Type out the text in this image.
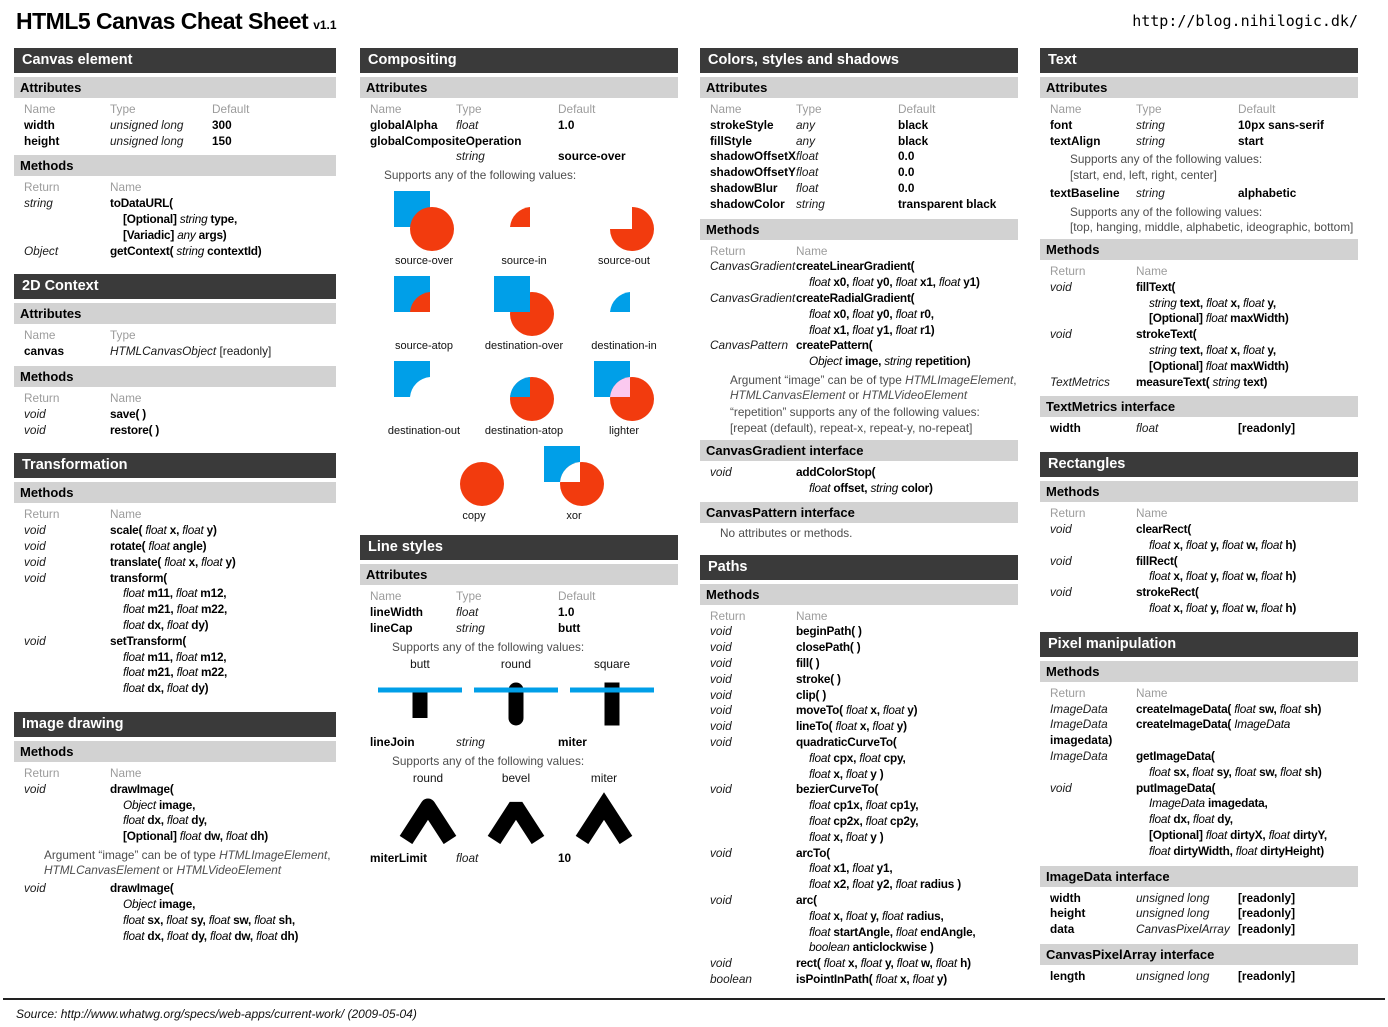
HTML5 Canvas Cheat Sheet v1.1	http://blog.nihilogic.dk/
Canvas element
Attributes
Name	Type	Default
width	unsigned long	300
height	unsigned long	150
Methods
Return	Name
string	toDataURL(
[Optional] string type,
[Variadic] any args)
Object	getContext( string contextId)
2D Context
Attributes
Name	Type
canvas	HTMLCanvasObject [readonly]
Methods
Return	Name
void	save( )
void	restore( )
Transformation
Methods
Return	Name
void	scale( float x, float y)
void	rotate( float angle)
void	translate( float x, float y)
void	transform(
float m11, float m12,
float m21, float m22,
float dx, float dy)
void	setTransform(
float m11, float m12,
float m21, float m22,
float dx, float dy)
Image drawing
Methods
Return	Name
void	drawImage(
Object image,
float dx, float dy,
[Optional] float dw, float dh)
Argument “image” can be of type HTMLImageElement,
HTMLCanvasElement or HTMLVideoElement
void	drawImage(
Object image,
float sx, float sy, float sw, float sh,
float dx, float dy, float dw, float dh)
Compositing
Attributes
Name	Type	Default
globalAlpha	float	1.0
globalCompositeOperation
string	source-over
Supports any of the following values:
source-over	source-in	source-out
source-atop	destination-over	destination-in
destination-out destination-atop	lighter
copy	xor
Line styles
Attributes
Name	Type	Default
lineWidth	float	1.0
lineCap	string	butt
Supports any of the following values:
butt	round	square
lineJoin	string	miter
Supports any of the following values:
round	bevel	miter
miterLimit	float	10
Colors, styles and shadows
Attributes
Name	Type	Default
strokeStyle	any	black
fillStyle	any	black
shadowOffsetX float	0.0
shadowOffsetY float	0.0
shadowBlur	float	0.0
shadowColor string	transparent black
Methods
Return	Name
CanvasGradient createLinearGradient(
float x0, float y0, float x1, float y1)
CanvasGradient createRadialGradient(
float x0, float y0, float r0,
float x1, float y1, float r1)
CanvasPattern createPattern(
Object image, string repetition)
Argument “image” can be of type HTMLImageElement,
HTMLCanvasElement or HTMLVideoElement
“repetition” supports any of the following values:
[repeat (default), repeat-x, repeat-y, no-repeat]
CanvasGradient interface
void	addColorStop(
float offset, string color)
CanvasPattern interface
No attributes or methods.
Paths
Methods
Return	Name
void	beginPath( )
void	closePath( )
void	fill( )
void	stroke( )
void	clip( )
void	moveTo( float x, float y)
void	lineTo( float x, float y)
void	quadraticCurveTo(
float cpx, float cpy,
float x, float y )
void	bezierCurveTo(
float cp1x, float cp1y,
float cp2x, float cp2y,
float x, float y )
void	arcTo(
float x1, float y1,
float x2, float y2, float radius )
void	arc(
float x, float y, float radius,
float startAngle, float endAngle,
boolean anticlockwise )
void	rect( float x, float y, float w, float h)
boolean	isPointInPath( float x, float y)
Text
Attributes
Name	Type	Default
font	string	10px sans-serif
textAlign	string	start
Supports any of the following values:
[start, end, left, right, center]
textBaseline	string	alphabetic
Supports any of the following values:
[top, hanging, middle, alphabetic, ideographic, bottom]
Methods
Return	Name
void	fillText(
string text, float x, float y,
[Optional] float maxWidth)
void	strokeText(
string text, float x, float y,
[Optional] float maxWidth)
TextMetrics	measureText( string text)
TextMetrics interface
width	float	[readonly]
Rectangles
Methods
Return	Name
void	clearRect(
float x, float y, float w, float h)
void	fillRect(
float x, float y, float w, float h)
void	strokeRect(
float x, float y, float w, float h)
Pixel manipulation
Methods
Return	Name
ImageData	createImageData( float sw, float sh)
ImageData	createImageData( ImageData
imagedata)
ImageData	getImageData(
float sx, float sy, float sw, float sh)
void	putImageData(
ImageData imagedata,
float dx, float dy,
[Optional] float dirtyX, float dirtyY,
float dirtyWidth, float dirtyHeight)
ImageData interface
width	unsigned long	[readonly]
height	unsigned long	[readonly]
data	CanvasPixelArray [readonly]
CanvasPixelArray interface
length	unsigned long	[readonly]
Source: http://www.whatwg.org/specs/web-apps/current-work/ (2009-05-04)
